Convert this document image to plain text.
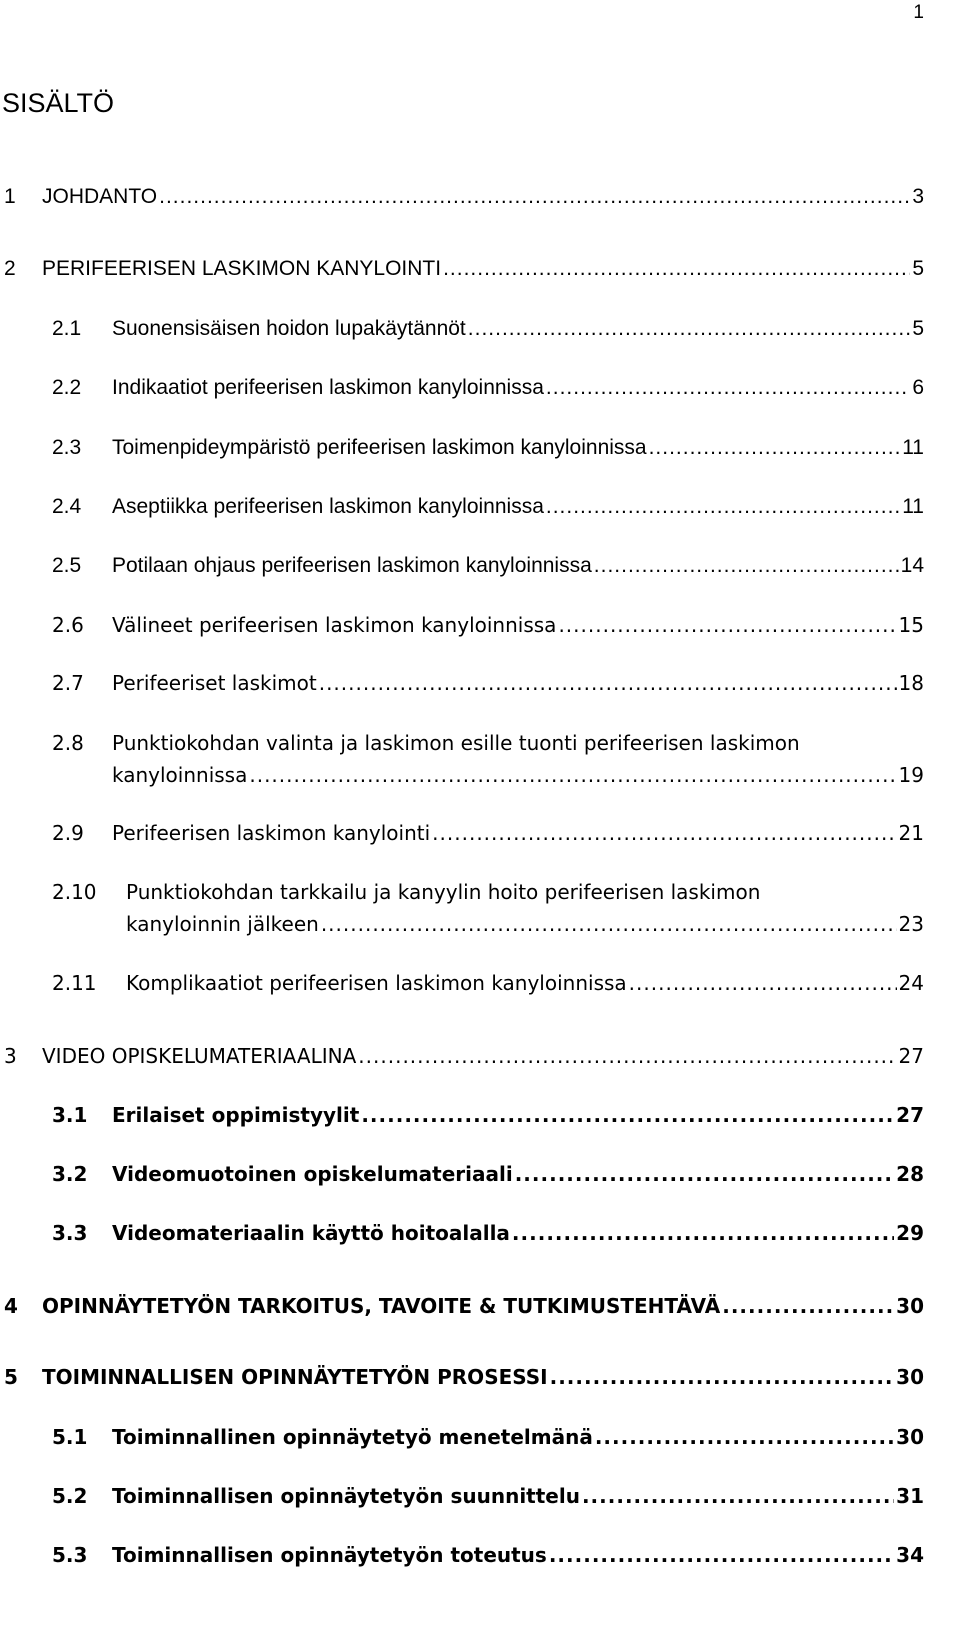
1
SISÄLTÖ
1	JOHDANTO .....	3
2	PERIFEERISEN LASKIMON KANYLOINTI .....	5
2.1	Suonensisäisen hoidon lupakäytännöt .....	5
2.2	Indikaatiot perifeerisen laskimon kanyloinnissa .....	6
2.3	Toimenpideympäristö perifeerisen laskimon kanyloinnissa .....	11
2.4	Aseptiikka perifeerisen laskimon kanyloinnissa .....	11
2.5	Potilaan ohjaus perifeerisen laskimon kanyloinnissa .....	14
2.6	Välineet perifeerisen laskimon kanyloinnissa .....	15
2.7	Perifeeriset laskimot .....	18
2.8	Punktiokohdan valinta ja laskimon esille tuonti perifeerisen laskimon
kanyloinnissa .....	19
2.9	Perifeerisen laskimon kanylointi .....	21
2.10	Punktiokohdan tarkkailu ja kanyylin hoito perifeerisen laskimon
kanyloinnin jälkeen .....	23
2.11	Komplikaatiot perifeerisen laskimon kanyloinnissa .....	24
3	VIDEO OPISKELUMATERIAALINA .....	27
3.1	Erilaiset oppimistyylit .....	27
3.2	Videomuotoinen opiskelumateriaali .....	28
3.3	Videomateriaalin käyttö hoitoalalla .....	29
4	OPINNÄYTETYÖN TARKOITUS, TAVOITE & TUTKIMUSTEHTÄVÄ .....	30
5	TOIMINNALLISEN OPINNÄYTETYÖN PROSESSI .....	30
5.1	Toiminnallinen opinnäytetyö menetelmänä .....	30
5.2	Toiminnallisen opinnäytetyön suunnittelu .....	31
5.3	Toiminnallisen opinnäytetyön toteutus .....	34
